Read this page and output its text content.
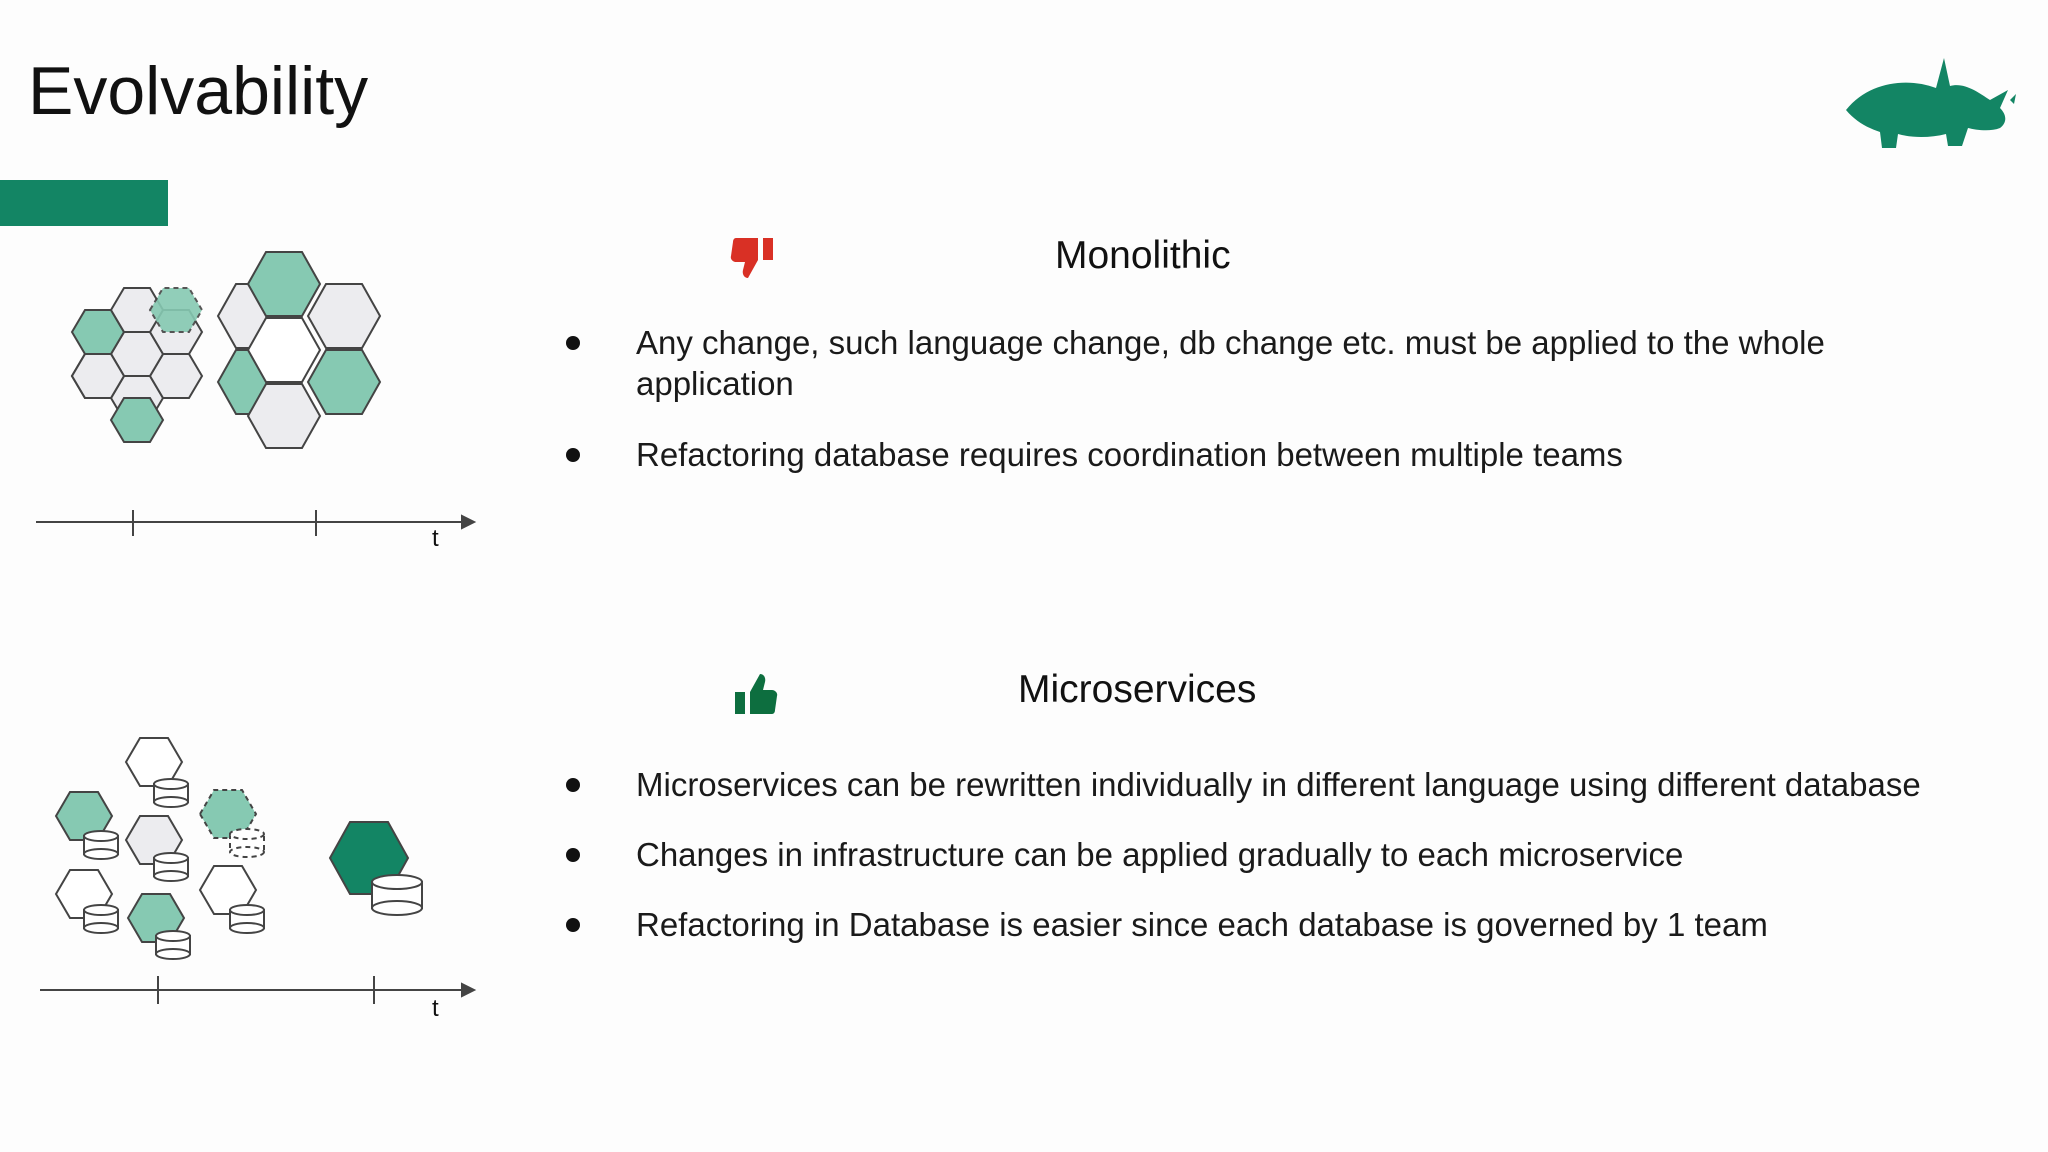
Evolvability
t
Monolithic
Any change, such language change, db change etc. must be applied to the whole application
Refactoring database requires coordination between multiple teams
t
Microservices
Microservices can be rewritten individually in different language using different database
Changes in infrastructure can be applied gradually to each microservice
Refactoring in Database is easier since each database is governed by 1 team
